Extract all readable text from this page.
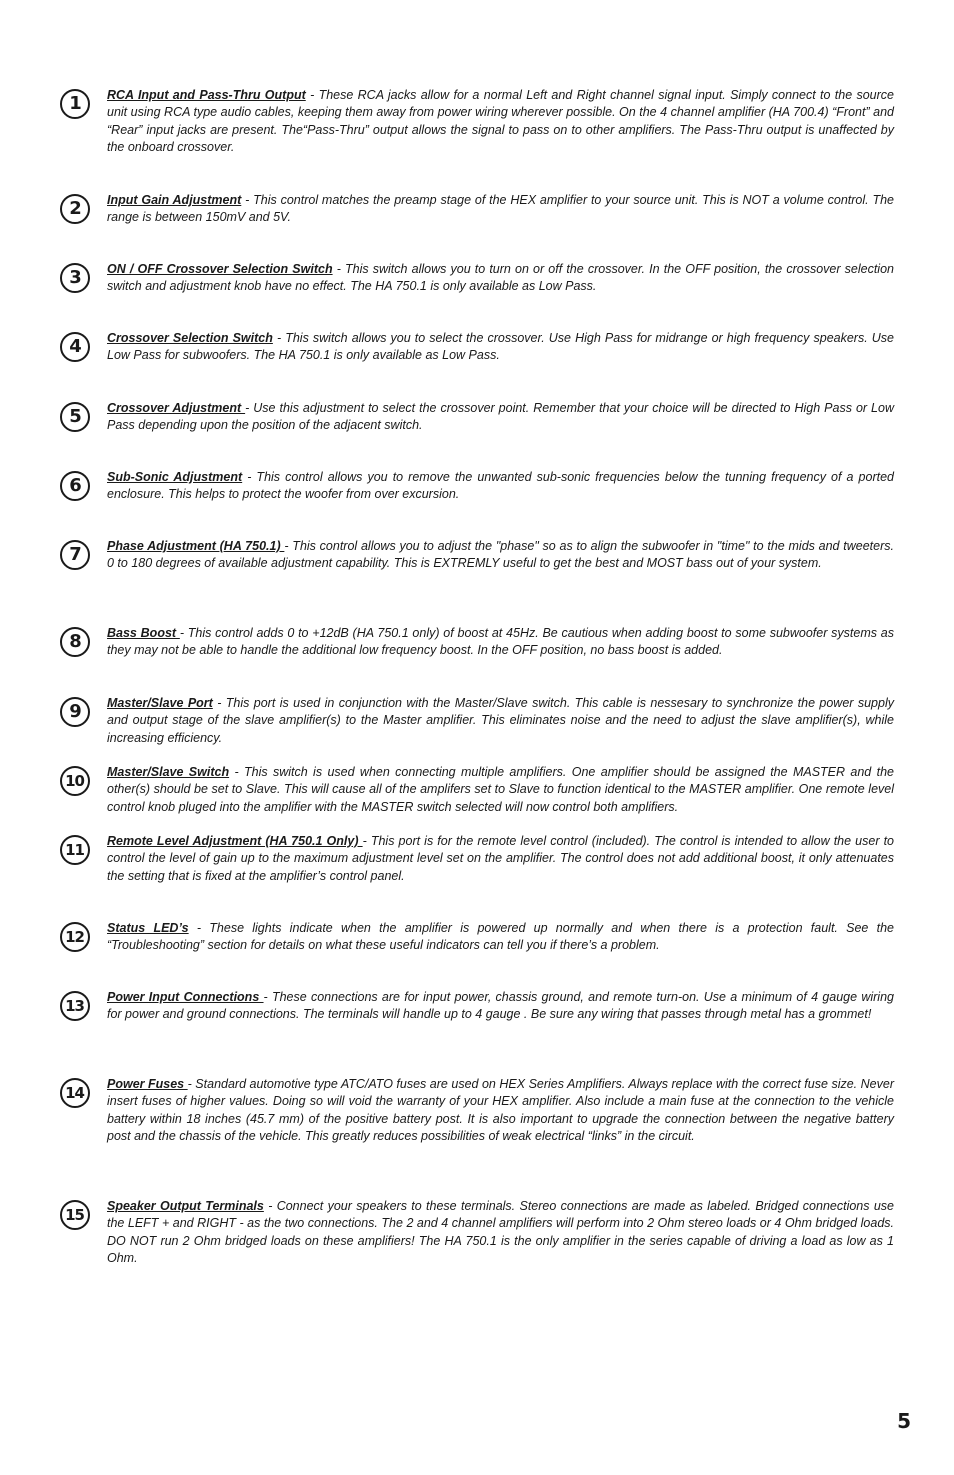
1	RCA Input and Pass-Thru Output - These RCA jacks allow for a normal Left and Right channel signal input. Simply connect to the source unit using RCA type audio cables, keeping them away from power wiring wherever possible. On the 4 channel amplifier (HA 700.4) “Front” and “Rear” input jacks are present. The“Pass-Thru” output allows the signal to pass on to other amplifiers. The Pass-Thru output is unaffected by the onboard crossover.
2	Input Gain Adjustment - This control matches the preamp stage of the HEX amplifier to your source unit. This is NOT a volume control. The range is between 150mV and 5V.
3	ON / OFF Crossover Selection Switch - This switch allows you to turn on or off the crossover. In the OFF position, the crossover selection switch and adjustment knob have no effect. The HA 750.1 is only available as Low Pass.
4	Crossover Selection Switch - This switch allows you to select the crossover. Use High Pass for midrange or high frequency speakers. Use Low Pass for subwoofers. The HA 750.1 is only available as Low Pass.
5	Crossover Adjustment - Use this adjustment to select the crossover point. Remember that your choice will be directed to High Pass or Low Pass depending upon the position of the adjacent switch.
6	Sub-Sonic Adjustment - This control allows you to remove the unwanted sub-sonic frequencies below the tunning frequency of a ported enclosure. This helps to protect the woofer from over excursion.
7	Phase Adjustment (HA 750.1) - This control allows you to adjust the "phase" so as to align the subwoofer in "time" to the mids and tweeters. 0 to 180 degrees of available adjustment capability. This is EXTREMLY useful to get the best and MOST bass out of your system.
8	Bass Boost - This control adds 0 to +12dB (HA 750.1 only) of boost at 45Hz. Be cautious when adding boost to some subwoofer systems as they may not be able to handle the additional low frequency boost. In the OFF position, no bass boost is added.
9	Master/Slave Port - This port is used in conjunction with the Master/Slave switch. This cable is nessesary to synchronize the power supply and output stage of the slave amplifier(s) to the Master amplifier. This eliminates noise and the need to adjust the slave amplifier(s), while increasing efficiency.
10	Master/Slave Switch - This switch is used when connecting multiple amplifiers. One amplifier should be assigned the MASTER and the other(s) should be set to Slave. This will cause all of the amplifers set to Slave to function identical to the MASTER amplifier. One remote level control knob pluged into the amplifier with the MASTER switch selected will now control both amplifiers.
11	Remote Level Adjustment (HA 750.1 Only) - This port is for the remote level control (included). The control is intended to allow the user to control the level of gain up to the maximum adjustment level set on the amplifier. The control does not add additional boost, it only attenuates the setting that is fixed at the amplifier’s control panel.
12	Status LED’s - These lights indicate when the amplifier is powered up normally and when there is a protection fault. See the “Troubleshooting” section for details on what these useful indicators can tell you if there’s a problem.
13	Power Input Connections - These connections are for input power, chassis ground, and remote turn-on. Use a minimum of 4 gauge wiring for power and ground connections. The terminals will handle up to 4 gauge . Be sure any wiring that passes through metal has a grommet!
14	Power Fuses - Standard automotive type ATC/ATO fuses are used on HEX Series Amplifiers. Always replace with the correct fuse size. Never insert fuses of higher values. Doing so will void the warranty of your HEX amplifier. Also include a main fuse at the connection to the vehicle battery within 18 inches (45.7 mm) of the positive battery post. It is also important to upgrade the connection between the negative battery post and the chassis of the vehicle. This greatly reduces possibilities of weak electrical “links” in the circuit.
15	Speaker Output Terminals - Connect your speakers to these terminals. Stereo connections are made as labeled. Bridged connections use the LEFT + and RIGHT - as the two connections. The 2 and 4 channel amplifiers will perform into 2 Ohm stereo loads or 4 Ohm bridged loads. DO NOT run 2 Ohm bridged loads on these amplifiers! The HA 750.1 is the only amplifier in the series capable of driving a load as low as 1 Ohm.
5
